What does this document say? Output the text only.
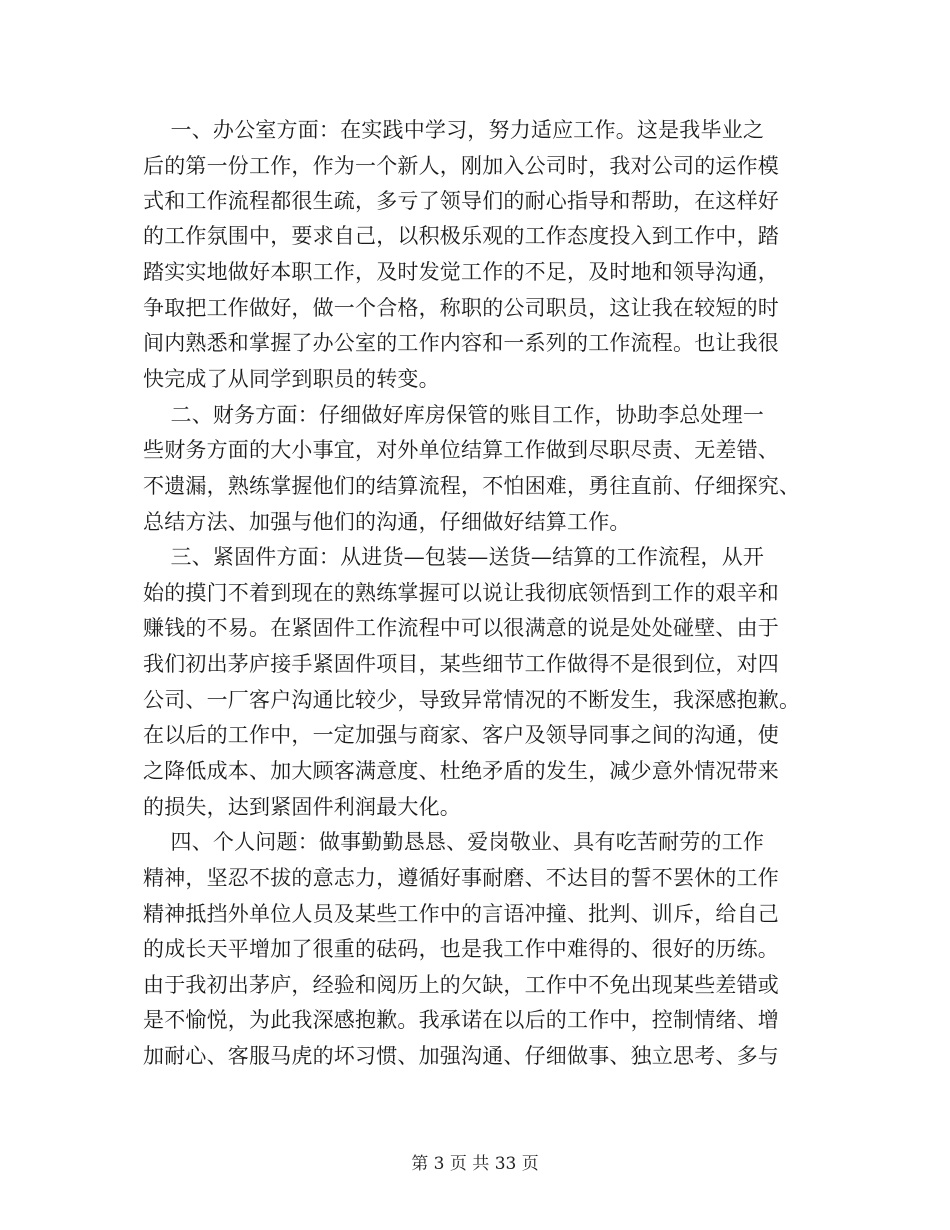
一、办公室方面：在实践中学习，努力适应工作。这是我毕业之
后的第一份工作，作为一个新人，刚加入公司时，我对公司的运作模
式和工作流程都很生疏，多亏了领导们的耐心指导和帮助，在这样好
的工作氛围中，要求自己，以积极乐观的工作态度投入到工作中，踏
踏实实地做好本职工作，及时发觉工作的不足，及时地和领导沟通，
争取把工作做好，做一个合格，称职的公司职员，这让我在较短的时
间内熟悉和掌握了办公室的工作内容和一系列的工作流程。也让我很
快完成了从同学到职员的转变。
二、财务方面：仔细做好库房保管的账目工作，协助李总处理一
些财务方面的大小事宜，对外单位结算工作做到尽职尽责、无差错、
不遗漏，熟练掌握他们的结算流程，不怕困难，勇往直前、仔细探究、
总结方法、加强与他们的沟通，仔细做好结算工作。
三、紧固件方面：从进货—包装—送货—结算的工作流程，从开
始的摸门不着到现在的熟练掌握可以说让我彻底领悟到工作的艰辛和
赚钱的不易。在紧固件工作流程中可以很满意的说是处处碰壁、由于
我们初出茅庐接手紧固件项目，某些细节工作做得不是很到位，对四
公司、一厂客户沟通比较少，导致异常情况的不断发生，我深感抱歉。
在以后的工作中，一定加强与商家、客户及领导同事之间的沟通，使
之降低成本、加大顾客满意度、杜绝矛盾的发生，减少意外情况带来
的损失，达到紧固件利润最大化。
四、个人问题：做事勤勤恳恳、爱岗敬业、具有吃苦耐劳的工作
精神，坚忍不拔的意志力，遵循好事耐磨、不达目的誓不罢休的工作
精神抵挡外单位人员及某些工作中的言语冲撞、批判、训斥，给自己
的成长天平增加了很重的砝码，也是我工作中难得的、很好的历练。
由于我初出茅庐，经验和阅历上的欠缺，工作中不免出现某些差错或
是不愉悦，为此我深感抱歉。我承诺在以后的工作中，控制情绪、增
加耐心、客服马虎的坏习惯、加强沟通、仔细做事、独立思考、多与
第 3 页 共 33 页
